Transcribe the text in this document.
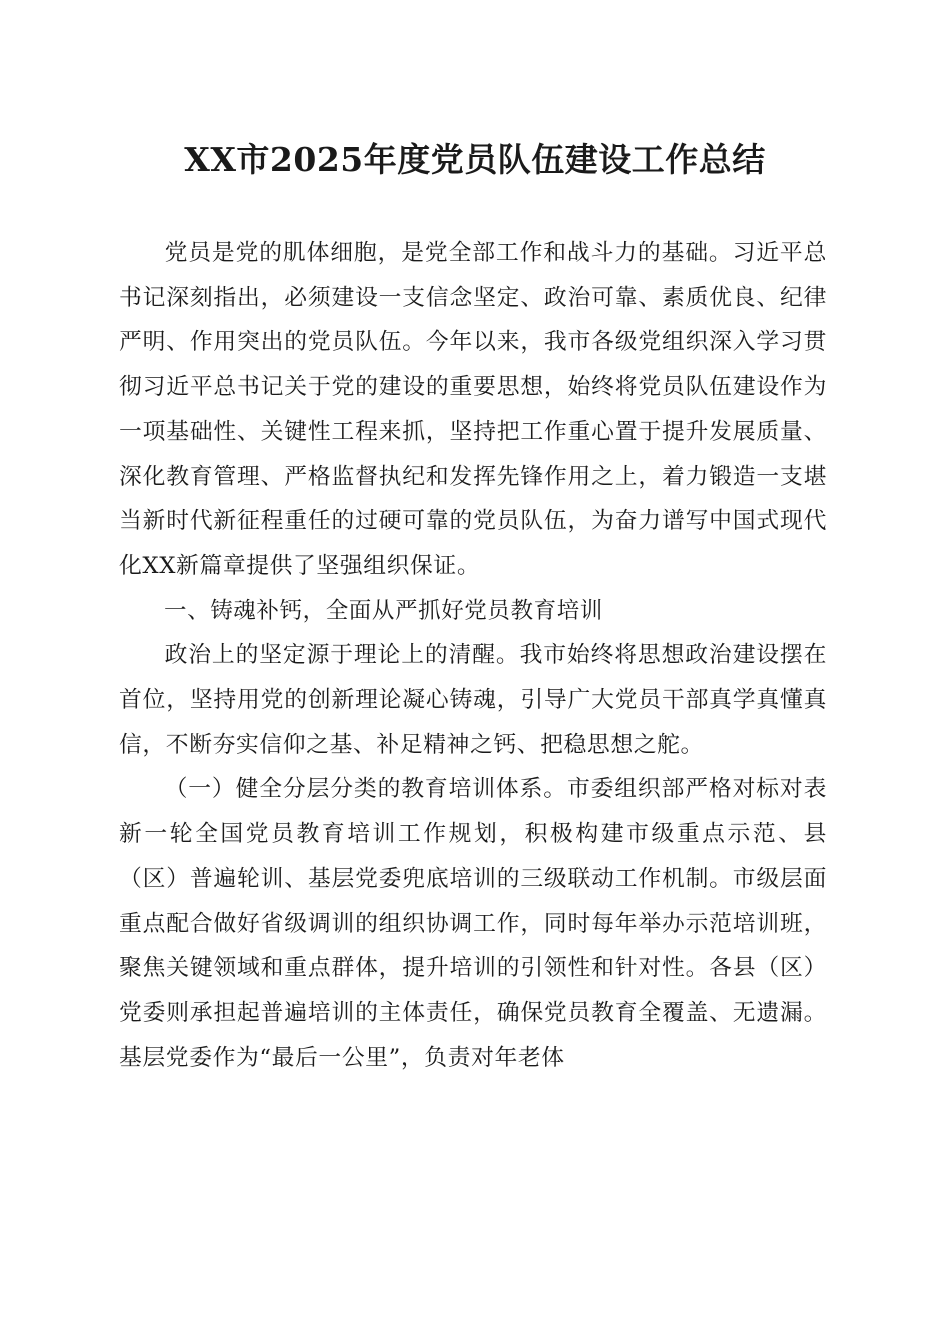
XX市2025年度党员队伍建设工作总结

党员是党的肌体细胞，是党全部工作和战斗力的基础。习近平总书记深刻指出，必须建设一支信念坚定、政治可靠、素质优良、纪律严明、作用突出的党员队伍。今年以来，我市各级党组织深入学习贯彻习近平总书记关于党的建设的重要思想，始终将党员队伍建设作为一项基础性、关键性工程来抓，坚持把工作重心置于提升发展质量、深化教育管理、严格监督执纪和发挥先锋作用之上，着力锻造一支堪当新时代新征程重任的过硬可靠的党员队伍，为奋力谱写中国式现代化XX新篇章提供了坚强组织保证。

一、铸魂补钙，全面从严抓好党员教育培训

政治上的坚定源于理论上的清醒。我市始终将思想政治建设摆在首位，坚持用党的创新理论凝心铸魂，引导广大党员干部真学真懂真信，不断夯实信仰之基、补足精神之钙、把稳思想之舵。

（一）健全分层分类的教育培训体系。市委组织部严格对标对表新一轮全国党员教育培训工作规划，积极构建市级重点示范、县（区）普遍轮训、基层党委兜底培训的三级联动工作机制。市级层面重点配合做好省级调训的组织协调工作，同时每年举办示范培训班，聚焦关键领域和重点群体，提升培训的引领性和针对性。各县（区）党委则承担起普遍培训的主体责任，确保党员教育全覆盖、无遗漏。基层党委作为“最后一公里”，负责对年老体
